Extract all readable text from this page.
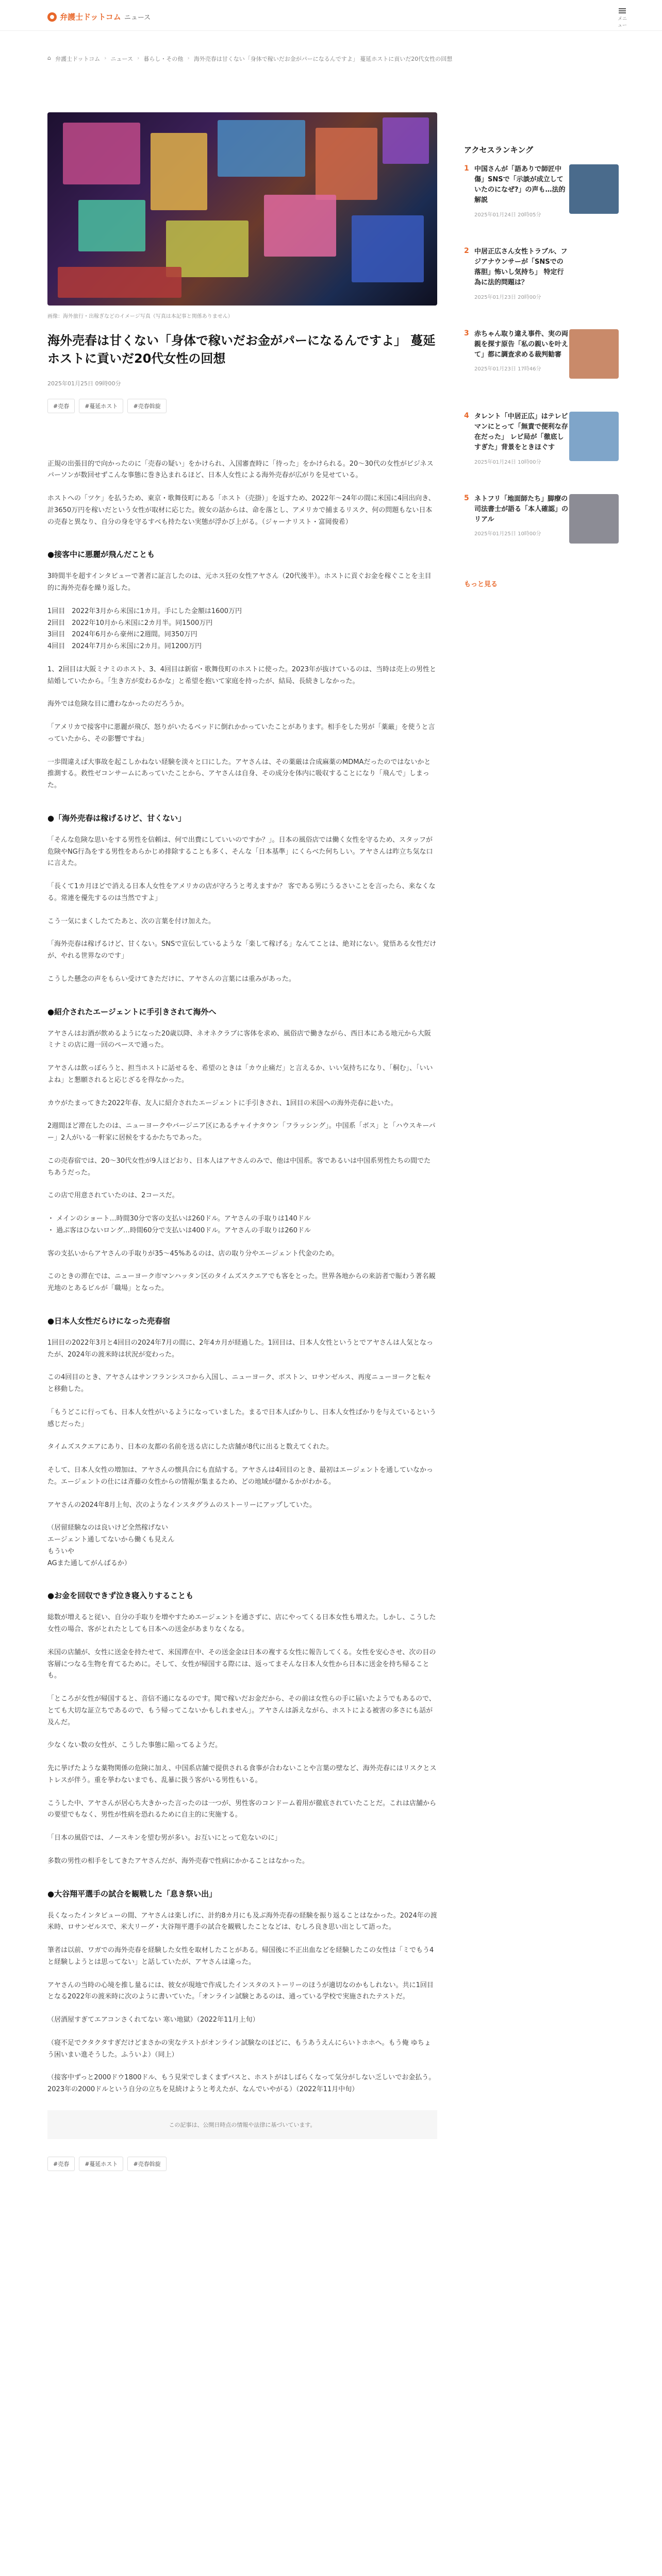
弁護士ドットコム ニュース	メニュー
⌂ 弁護士ドットコム › ニュース › 暮らし・その他 › 海外売春は甘くない「身体で稼いだお金がパーになるんですよ」 蔓延ホストに貢いだ20代女性の回想

画像：海外旅行・出稼ぎなどのイメージ写真（写真は本記事と関係ありません）

海外売春は甘くない「身体で稼いだお金がパーになるんですよ」 蔓延ホストに貢いだ20代女性の回想

2025年01月25日 09時00分

#売春	#蔓延ホスト	#売春斡旋
正規の出張目的で向かったのに「売春の疑い」をかけられ、入国審査時に「待った」をかけられる。20〜30代の女性がビジネスパーソンが数回せずこんな事態に巻き込まれるほど、日本人女性による海外売春が広がりを見せている。
ホストへの「ツケ」を払うため、東京・歌舞伎町にある「ホスト（売掛）」を返すため、2022年〜24年の間に米国に4回出向き、計3650万円を稼いだという女性が取材に応じた。彼女の話からは、命を落とし、アメリカで捕まるリスク、何の問題もない日本の売春と異なり、自分の身を守るすべも持たない実態が浮かび上がる。（ジャーナリスト・富岡俊希）
●接客中に悪麗が飛んだことも
3時間半を超すインタビューで著者に証言したのは、元ホス狂の女性アヤさん（20代後半）。ホストに貢ぐお金を稼ぐことを主目的に海外売春を繰り返した。
1回目　2022年3月から米国に1カ月。手にした金額は1600万円
2回目　2022年10月から米国に2カ月半。同1500万円
3回目　2024年6月から豪州に2週間。同350万円
4回目　2024年7月から米国に2カ月。同1200万円
1、2回目は大阪ミナミのホスト、3、4回目は新宿・歌舞伎町のホストに使った。2023年が抜けているのは、当時は売上の男性と結婚していたから。「生き方が変わるかな」と希望を抱いて家庭を持ったが、結局、長続きしなかった。
海外では危険な目に遭わなかったのだろうか。
「アメリカで接客中に悪麗が飛び、怒りがいたるベッドに倒れかかっていたことがあります。相手をした男が「薬厳」を使うと言っていたから、その影響ですね」
一歩間違えば大事故を起こしかねない経験を淡々と口にした。アヤさんは、その薬厳は合成麻薬のMDMAだったのではないかと推測する。救性ゼコンサームにあっていたことから、アヤさんは自身、その成分を体内に吸収することになり「飛んで」しまった。
●「海外売春は稼げるけど、甘くない」
「そんな危険な思いをする男性を信頼は、何で出費にしていいのですか？」。日本の風俗店では働く女性を守るため、スタッフが危険やNG行為をする男性をあらかじめ排除することも多く、そんな「日本基準」にくらべた何ちしい。アヤさんは昨立ち気な口に言えた。
「長くて1カ月ほどで消える日本人女性をアメリカの店が守ろうと考えますか？ 客である男にうるさいことを言ったら、来なくなる。常連を優先するのは当然ですよ」
こう一気にまくしたてたあと、次の言葉を付け加えた。
「海外売春は稼げるけど、甘くない。SNSで宣伝しているような「楽して稼げる」なんてことは、絶対にない。覚悟ある女性だけが、やれる世界なのです」
こうした懸念の声をもらい受けてきただけに、アヤさんの言葉には重みがあった。
●紹介されたエージェントに手引きされて海外へ
アヤさんはお酒が飲めるようになった20歳以降、ネオネクラブに客体を求め、風俗店で働きながら、西日本にある地元から大阪ミナミの店に週一回のペースで通った。
アヤさんは飲っぽらうと、担当ホストに話せるを、希望のときは「カウ止痛だ」と言えるか、いい気持ちになり、「桐む」、「いいよね」と懇願されると応じざるを得なかった。
カウがたまってきた2022年春、友人に紹介されたエージェントに手引きされ、1回目の米国への海外売春に赴いた。
2週間ほど滞在したのは、ニューヨークやバージニア区にあるチャイナタウン「フラッシング」。中国系「ボス」と「ハウスキーパー」2人がいる一軒家に居候をするかたちであった。
この売春宿では、20〜30代女性が9人ほどおり、日本人はアヤさんのみで、他は中国系。客であるいは中国系男性たちの間でたちあうだった。
この店で用意されていたのは、2コースだ。
・ メインのショート…時間30分で客の支払いは260ドル。アヤさんの手取りは140ドル
・ 過ぶ客はひないロング…時間60分で支払いは400ドル。アヤさんの手取りは260ドル
客の支払いからアヤさんの手取りが35〜45%あるのは、店の取り分やエージェント代金のため。
このときの滞在では、ニューヨーク市マンハッタン区のタイムズスクエアでも客をとった。世界各地からの来訪者で賑わう著名観光地のとあるビルが「職場」となった。
●日本人女性だらけになった売春宿
1回目の2022年3月と4回目の2024年7月の間に、2年4カ月が経過した。1回目は、日本人女性というとでアヤさんは人気となったが、2024年の渡米時は状況が変わった。
この4回目のとき、アヤさんはサンフランシスコから入国し、ニューヨーク、ボストン、ロサンゼルス、再度ニューヨークと転々と移動した。
「もうどこに行っても、日本人女性がいるようになっていました。まるで日本人ばかりし、日本人女性ばかりを与えているという感じだった」
タイムズスクエアにあり、日本の友都の名前を送る店にした店舗が8代に出ると数えてくれた。
そして、日本人女性の増加は、アヤさんの懐具合にも直結する。アヤさんは4回目のとき、最初はエージェントを通していなかった。エージェントの仕には斉藤の女性からの情報が集まるため、どの地域が儲かるかがわかる。
アヤさんの2024年8月上旬、次のようなインスタグラムのストーリーにアップしていた。
（居留経験なのは良いけど全然稼げない
エージェント通してないから働くも見えん
もういや
AGまた通してがんばるか）
●お金を回収できず泣き寝入りすることも
総数が増えると従い、自分の手取りを増やすためエージェントを通さずに、店にやってくる日本女性も増えた。しかし、こうした女性の場合、客がとれたとしても日本への送金があまりなくなる。
米国の店舗が、女性に送金を持たせて、米国滞在中、その送金金は日本の複する女性に報告してくる。女性を安心させ、次の目の客層につなる生物を育てるために。そして、女性が帰国する際には、返ってまそんな日本人女性から日本に送金を持ち帰ることも。
「ところが女性が帰国すると、音信不通になるのです。聞で稼いだお金だから、その前は女性らの手に届いたようでもあるので、とても大切な証立ちであるので、もう帰ってこないかもしれません」。アヤさんは訴えながら、ホストによる被害の多さにも話が及んだ。
少なくない数の女性が、こうした事態に陥ってるようだ。
先に挙げたような薬物関係の危険に加え、中国系店舗で提供される食事が合わないことや言葉の壁など、海外売春にはリスクとストレスが伴う。重を挙わないまでも、乱暴に扱う客がいる男性もいる。
こうした中、アヤさんが居心ち大きかった言ったのは一つが、男性客のコンドーム着用が徹底されていたことだ。これは店舗からの要望でもなく、男性が性病を恐れるために自主的に実施する。
「日本の風俗では、ノースキンを望む男が多い。お互いにとって危ないのに」
多数の男性の相手をしてきたアヤさんだが、海外売春で性病にかかることはなかった。
●大谷翔平選手の試合を観戦した「息き祭い出」
長くなったインタビューの間、アヤさんは楽しげに、計約8カ月にも及ぶ海外売春の経験を振り返ることはなかった。2024年の渡米時、ロサンゼルスで、米大リーグ・大谷翔平選手の試合を観戦したことなどは、むしろ良き思い出として語った。
筆者は以前、ワガでの海外売春を経験した女性を取材したことがある。帰国後に不正出血などを経験したこの女性は「ミでもう4と経験しようとは思ってない」と話していたが、アヤさんは違った。
アヤさんの当時の心境を推し量るには、彼女が現地で作成したインスタのストーリーのほうが適切なのかもしれない。共に1回目となる2022年の渡米時に次のように書いていた。「オンライン試験とあるのは、通っている学校で実施されたテストだ。
（居酒屋すぎてエアコンさくれてない 寒い地獄）（2022年11月上旬）
（寝不足でクタクタすぎだけどまさかの実なテストがオンライン試験なのほどに、もうあうえんにらいトホホへ。もう俺 ゆちょう困いまい進そうした。ふういよ）（同上）
（接客中ずっと2000ドウ1800ドル、もう見栄でしまくまずバスと、ホストがはしばらくなって気分がしない乏しいでお金払う。2023年の2000ドルという自分の立ちを見続けようと考えたが、なんでいやがる）（2022年11月中旬）
この記事は、公開日時点の情報や法律に基づいています。
#売春	#蔓延ホスト	#売春斡旋
アクセスランキング
1 中国さんが「語ありで師匠中傷」SNSで「示談が成立していたのになぜ?」の声も…法的解説
2025年01月24日 20時05分
2 中居正広さん女性トラブル、フジアナウンサーが「SNSでの落胆」怖いし気持ち」 特定行為に法的問題は？
2025年01月23日 20時00分
3 赤ちゃん取り違え事件、実の両親を探す原告「私の親いを叶えて」都に調査求める裁判勧審
2025年01月23日 17時46分
4 タレント「中居正広」はテレビマンにとって「無責で便利な存在だった」 レビ局が「徹底しすぎた」背景をときほぐす
2025年01月24日 10時00分
5 ネトフリ「地面師たち」脚療の司法書士が語る「本人確認」のリアル
2025年01月25日 10時00分
もっと見る
